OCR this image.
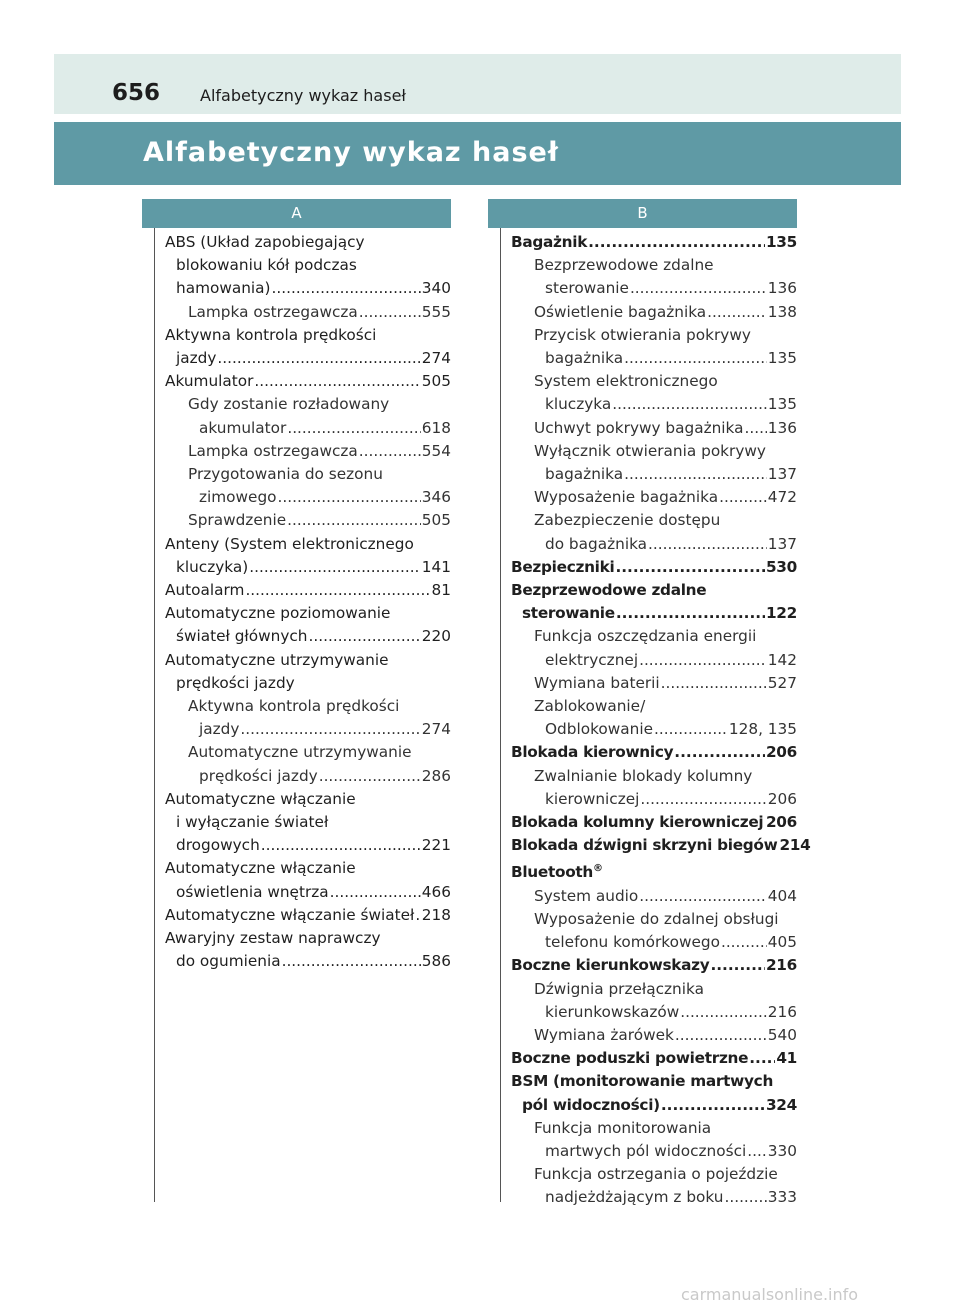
656 Alfabetyczny wykaz haseł
Alfabetyczny wykaz haseł
A	B
ABS (Układ zapobiegający
blokowaniu kół podczas
hamowania) .....	340
Lampka ostrzegawcza .....	555
Aktywna kontrola prędkości
jazdy .....	274
Akumulator .....	505
Gdy zostanie rozładowany
akumulator .....	618
Lampka ostrzegawcza .....	554
Przygotowania do sezonu
zimowego .....	346
Sprawdzenie .....	505
Anteny (System elektronicznego
kluczyka) .....	141
Autoalarm .....	81
Automatyczne poziomowanie
świateł głównych .....	220
Automatyczne utrzymywanie
prędkości jazdy
Aktywna kontrola prędkości
jazdy .....	274
Automatyczne utrzymywanie
prędkości jazdy .....	286
Automatyczne włączanie
i wyłączanie świateł
drogowych .....	221
Automatyczne włączanie
oświetlenia wnętrza .....	466
Automatyczne włączanie świateł ..... 218
Awaryjny zestaw naprawczy
do ogumienia .....	586
Bagażnik .....	135
Bezprzewodowe zdalne
sterowanie .....	136
Oświetlenie bagażnika .....	138
Przycisk otwierania pokrywy
bagażnika .....	135
System elektronicznego
kluczyka .....	135
Uchwyt pokrywy bagażnika ..... 136
Wyłącznik otwierania pokrywy
bagażnika .....	137
Wyposażenie bagażnika .....	472
Zabezpieczenie dostępu
do bagażnika .....	137
Bezpieczniki .....	530
Bezprzewodowe zdalne
sterowanie .....	122
Funkcja oszczędzania energii
elektrycznej .....	142
Wymiana baterii .....	527
Zablokowanie/
Odblokowanie .....	128, 135
Blokada kierownicy .....	206
Zwalnianie blokady kolumny
kierowniczej .....	206
Blokada kolumny kierowniczej ..... 206
Blokada dźwigni skrzyni biegów 214
Bluetooth®
System audio .....	404
Wyposażenie do zdalnej obsługi
telefonu komórkowego .....	405
Boczne kierunkowskazy .....	216
Dźwignia przełącznika
kierunkowskazów .....	216
Wymiana żarówek .....	540
Boczne poduszki powietrzne ..... 41
BSM (monitorowanie martwych
pól widoczności) .....	324
Funkcja monitorowania
martwych pól widoczności ..... 330
Funkcja ostrzegania o pojeździe
nadjeżdżającym z boku .....	333
carmanualsonline.info
